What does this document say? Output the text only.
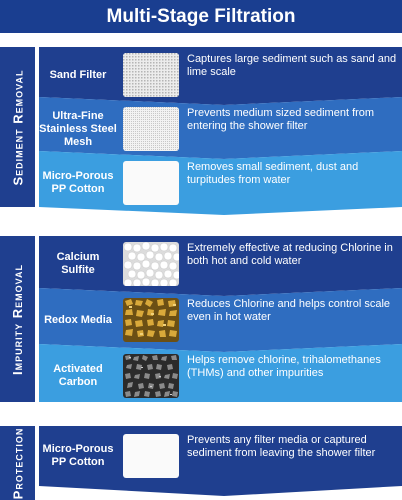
Multi-Stage Filtration
Sediment Removal	Sand Filter
Captures large sediment such as sand and lime scale
Ultra-Fine Stainless Steel Mesh
Prevents medium sized sediment from entering the shower filter
Micro-Porous PP Cotton
Removes small sediment, dust and turpitudes from water
Impurity Removal
Calcium Sulfite
Extremely effective at reducing Chlorine in both hot and cold water
Redox Media
Reduces Chlorine and helps control scale even in hot water
Activated Carbon
Helps remove chlorine, trihalomethanes (THMs) and other impurities
Protection	Micro-Porous PP Cotton
Prevents any filter media or captured sediment from leaving the shower filter
